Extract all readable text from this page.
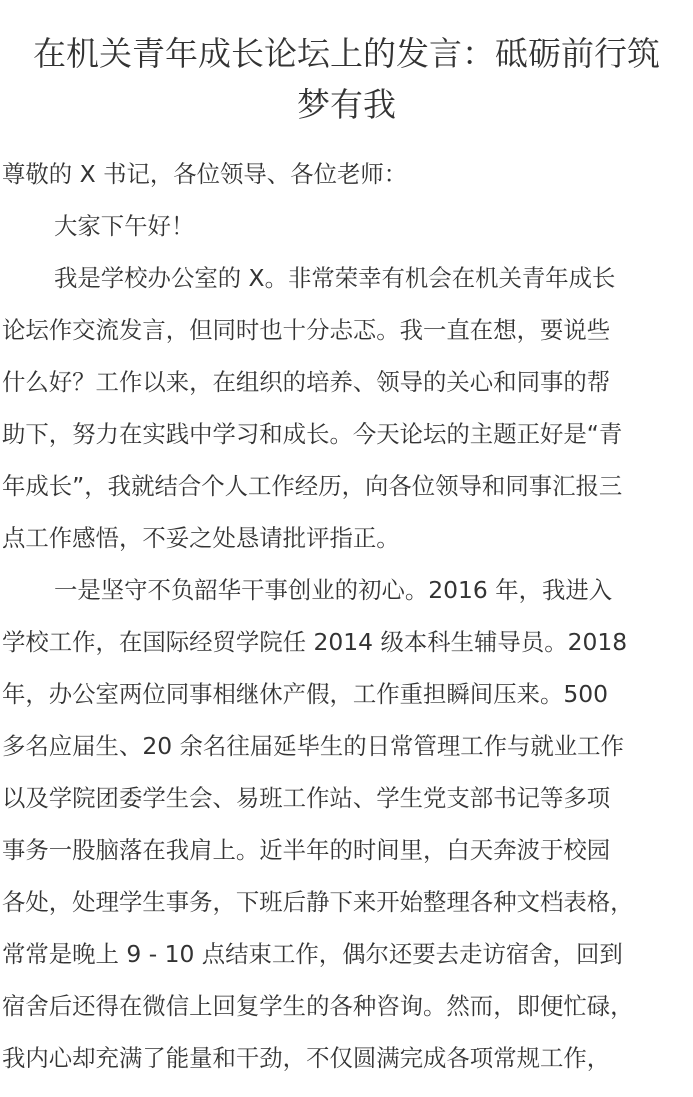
在机关青年成长论坛上的发言：砥砺前行筑
梦有我
尊敬的 X 书记，各位领导、各位老师：
大家下午好！
我是学校办公室的 X。非常荣幸有机会在机关青年成长
论坛作交流发言，但同时也十分忐忑。我一直在想，要说些
什么好？工作以来，在组织的培养、领导的关心和同事的帮
助下，努力在实践中学习和成长。今天论坛的主题正好是“青
年成长”，我就结合个人工作经历，向各位领导和同事汇报三
点工作感悟，不妥之处恳请批评指正。
一是坚守不负韶华干事创业的初心。2016 年，我进入
学校工作，在国际经贸学院任 2014 级本科生辅导员。2018
年，办公室两位同事相继休产假，工作重担瞬间压来。500
多名应届生、20 余名往届延毕生的日常管理工作与就业工作
以及学院团委学生会、易班工作站、学生党支部书记等多项
事务一股脑落在我肩上。近半年的时间里，白天奔波于校园
各处，处理学生事务，下班后静下来开始整理各种文档表格，
常常是晚上 9 - 10 点结束工作，偶尔还要去走访宿舍，回到
宿舍后还得在微信上回复学生的各种咨询。然而，即便忙碌，
我内心却充满了能量和干劲，不仅圆满完成各项常规工作，
